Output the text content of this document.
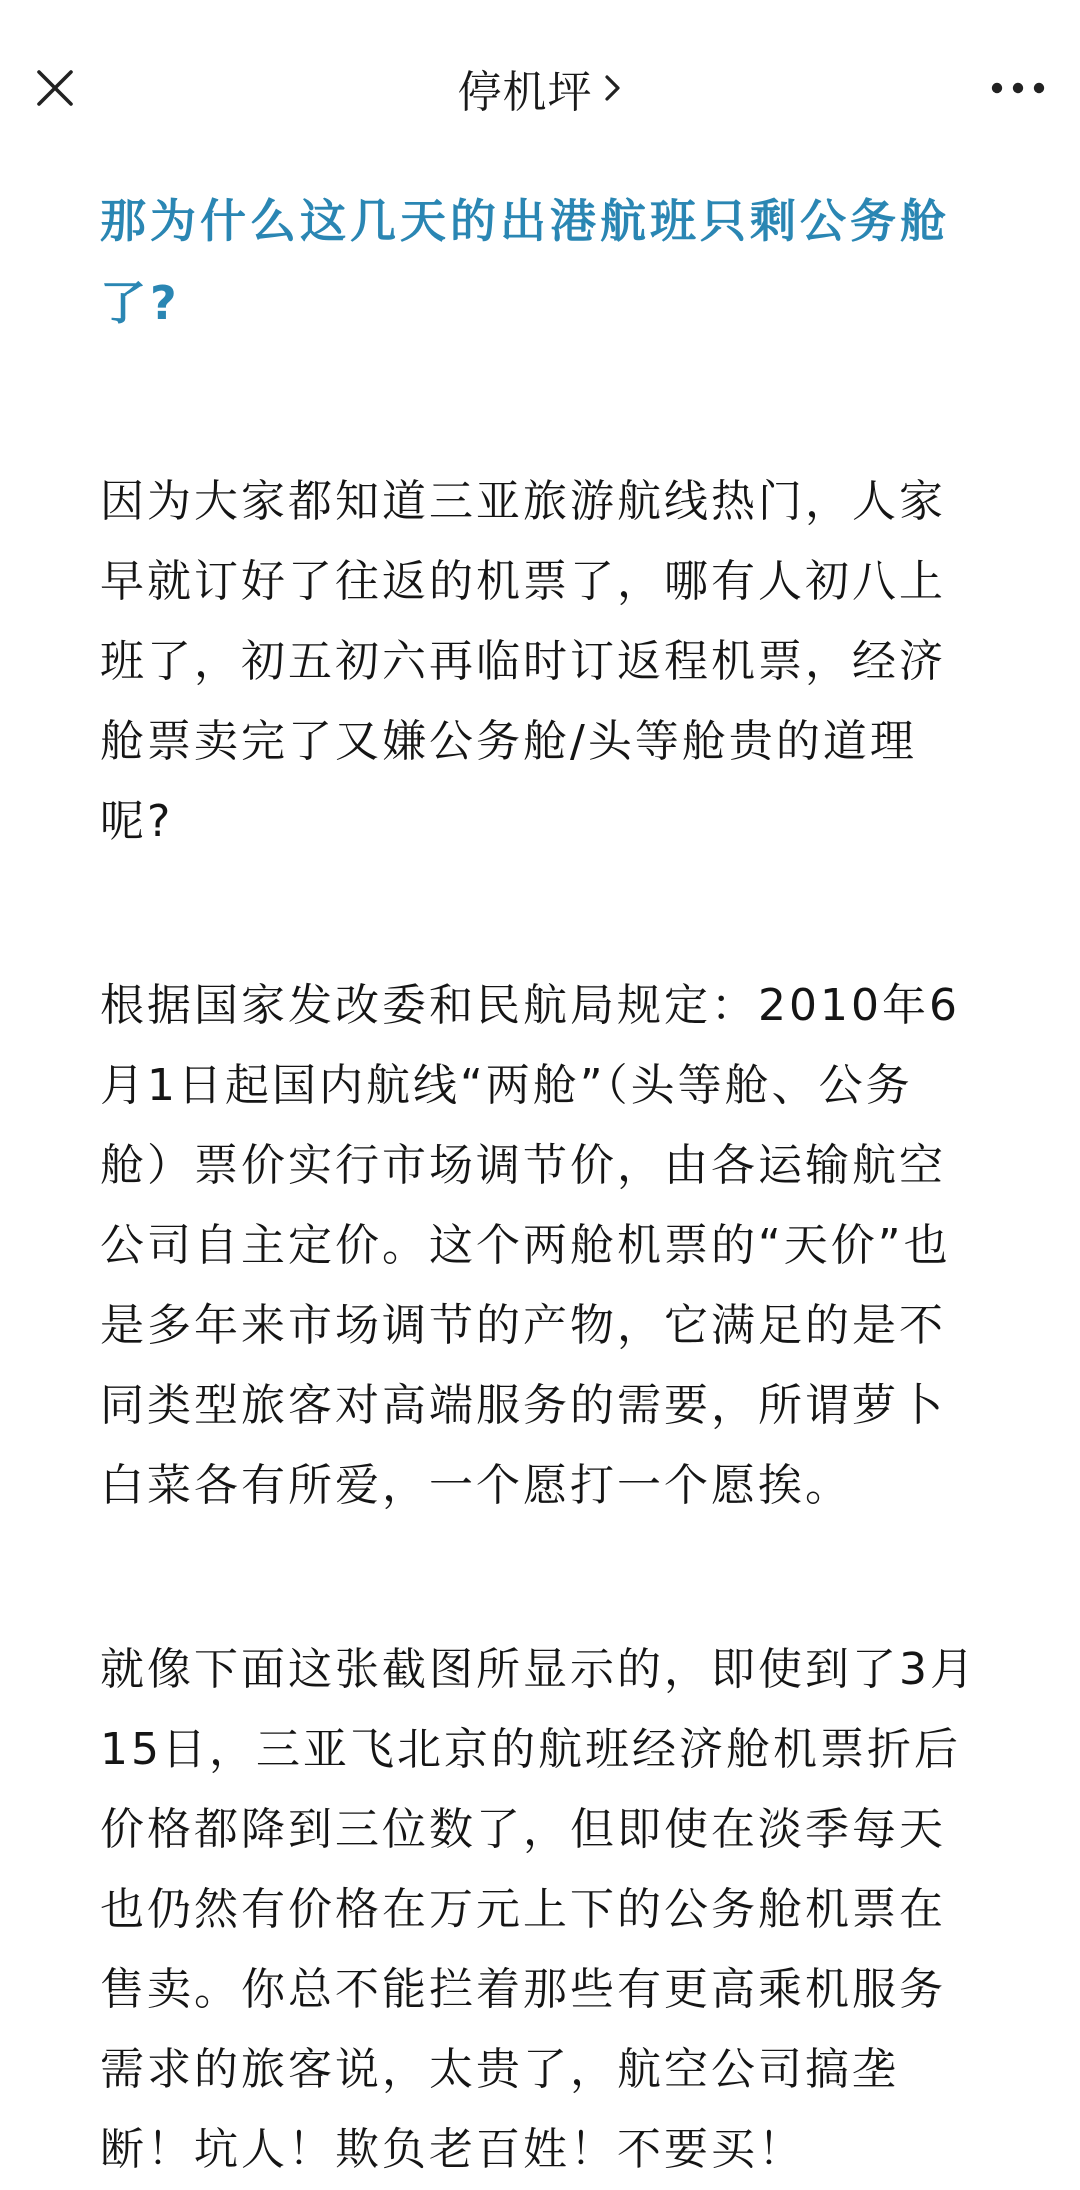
停机坪

那为什么这几天的出港航班只剩公务舱了?

因为大家都知道三亚旅游航线热门，人家早就订好了往返的机票了，哪有人初八上班了，初五初六再临时订返程机票，经济舱票卖完了又嫌公务舱/头等舱贵的道理呢?

根据国家发改委和民航局规定：2010年6月1日起国内航线“两舱”（头等舱、公务舱）票价实行市场调节价，由各运输航空公司自主定价。这个两舱机票的“天价”也是多年来市场调节的产物，它满足的是不同类型旅客对高端服务的需要，所谓萝卜白菜各有所爱，一个愿打一个愿挨。

就像下面这张截图所显示的，即使到了3月15日，三亚飞北京的航班经济舱机票折后价格都降到三位数了，但即使在淡季每天也仍然有价格在万元上下的公务舱机票在售卖。你总不能拦着那些有更高乘机服务需求的旅客说，太贵了，航空公司搞垄断！坑人！欺负老百姓！不要买！
